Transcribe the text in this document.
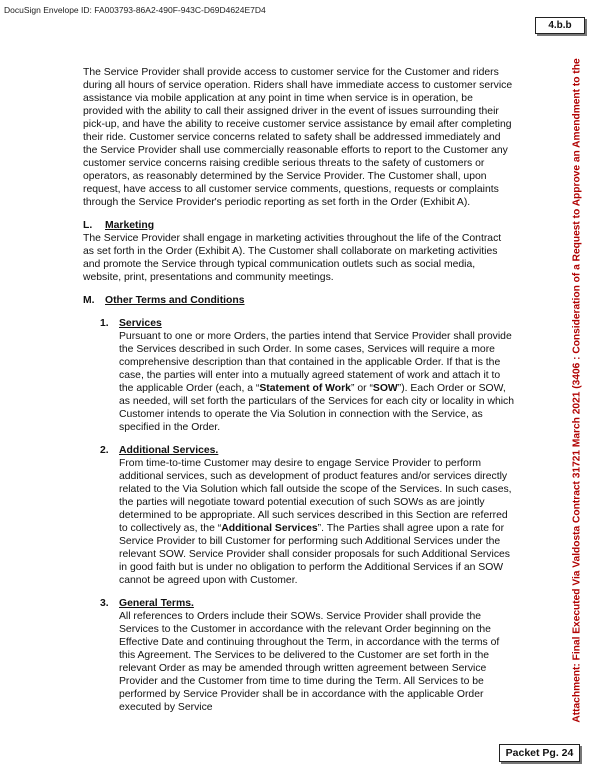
DocuSign Envelope ID: FA003793-86A2-490F-943C-D69D4624E7D4
4.b.b

The Service Provider shall provide access to customer service for the Customer and riders during all hours of service operation. Riders shall have immediate access to customer service assistance via mobile application at any point in time when service is in operation, be provided with the ability to call their assigned driver in the event of issues surrounding their pick-up, and have the ability to receive customer service assistance by email after completing their ride. Customer service concerns related to safety shall be addressed immediately and the Service Provider shall use commercially reasonable efforts to report to the Customer any customer service concerns raising credible serious threats to the safety of customers or operators, as reasonably determined by the Service Provider. The Customer shall, upon request, have access to all customer service comments, questions, requests or complaints through the Service Provider's periodic reporting as set forth in the Order (Exhibit A).

L.	Marketing

The Service Provider shall engage in marketing activities throughout the life of the Contract as set forth in the Order (Exhibit A). The Customer shall collaborate on marketing activities and promote the Service through typical communication outlets such as social media, website, print, presentations and community meetings.

M.	Other Terms and Conditions
1. Services

Pursuant to one or more Orders, the parties intend that Service Provider shall provide the Services described in such Order. In some cases, Services will require a more comprehensive description than that contained in the applicable Order. If that is the case, the parties will enter into a mutually agreed statement of work and attach it to the applicable Order (each, a “Statement of Work” or “SOW”). Each Order or SOW, as needed, will set forth the particulars of the Services for each city or locality in which Customer intends to operate the Via Solution in connection with the Service, as specified in the Order.

2. Additional Services.

From time-to-time Customer may desire to engage Service Provider to perform additional services, such as development of product features and/or services directly related to the Via Solution which fall outside the scope of the Services. In such cases, the parties will negotiate toward potential execution of such SOWs as are jointly determined to be appropriate. All such services described in this Section are referred to collectively as, the “Additional Services”. The Parties shall agree upon a rate for Service Provider to bill Customer for performing such Additional Services under the relevant SOW. Service Provider shall consider proposals for such Additional Services in good faith but is under no obligation to perform the Additional Services if an SOW cannot be agreed upon with Customer.

3. General Terms.

All references to Orders include their SOWs. Service Provider shall provide the Services to the Customer in accordance with the relevant Order beginning on the Effective Date and continuing throughout the Term, in accordance with the terms of this Agreement. The Services to be delivered to the Customer are set forth in the relevant Order as may be amended through written agreement between Service Provider and the Customer from time to time during the Term. All Services to be performed by Service Provider shall be in accordance with the applicable Order executed by Service	Attachment: Final Executed Via Valdosta Contract 31721 March 2021 (3406 : Consideration of a Request to Approve an Amendment to the
Packet Pg. 24
